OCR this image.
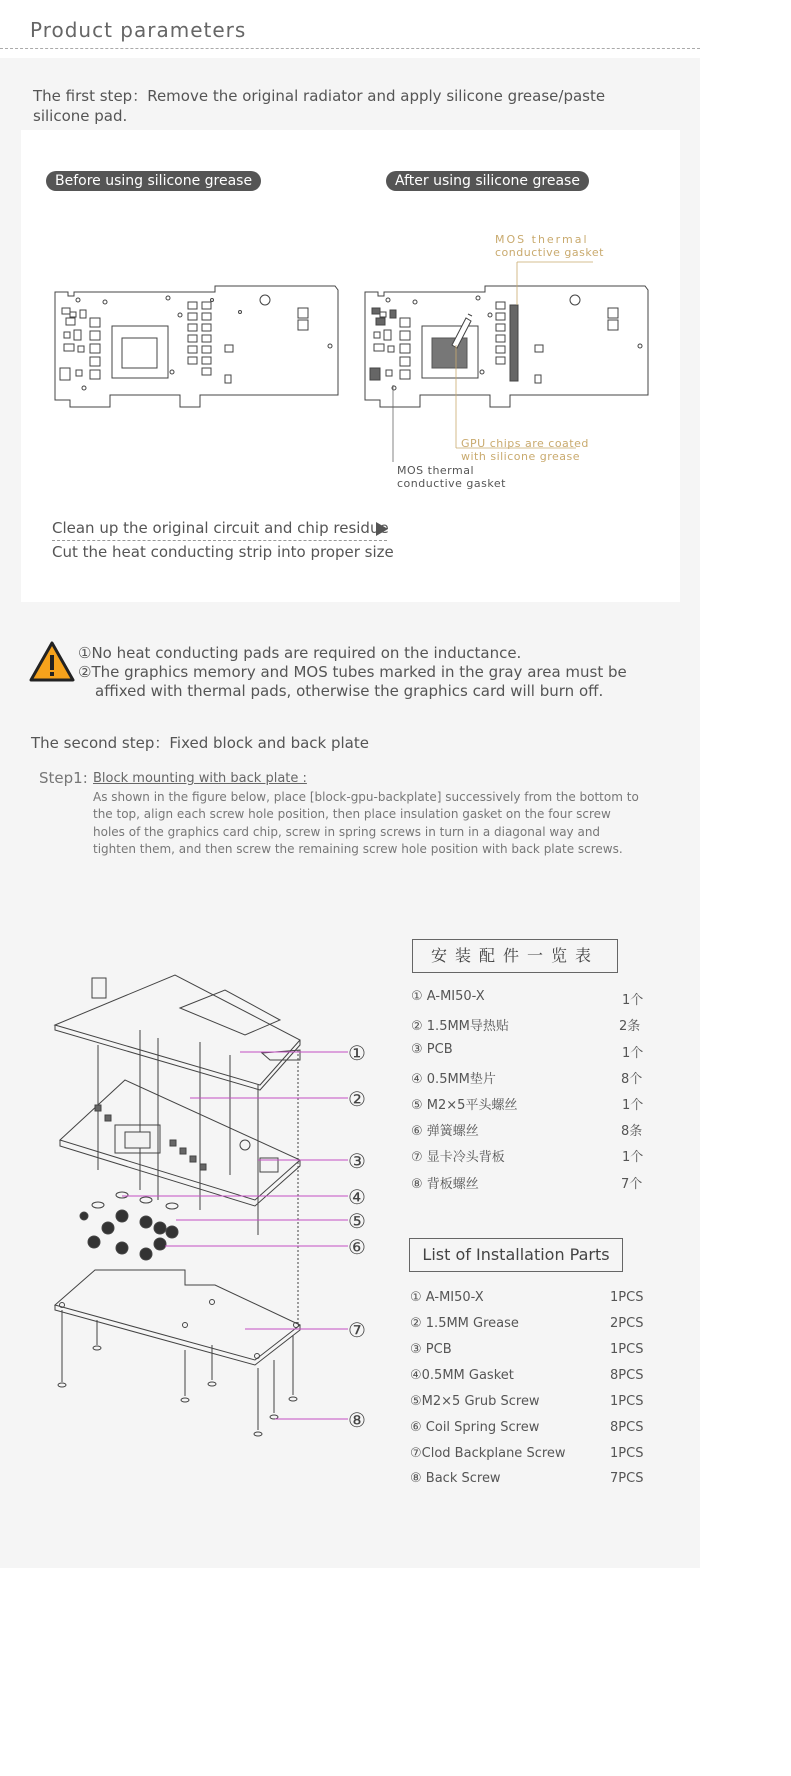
Product parameters
The first step：Remove the original radiator and apply silicone grease/paste silicone pad.
Before using silicone grease	After using silicone grease
MOS thermal
conductive gasket
GPU chips are coated
with silicone grease
MOS thermal
conductive gasket
Clean up the original circuit and chip residue
Cut the heat conducting strip into proper size
①No heat conducting pads are required on the inductance.
②The graphics memory and MOS tubes marked in the gray area must be
affixed with thermal pads, otherwise the graphics card will burn off.
The second step：Fixed block and back plate
Step1: Block mounting with back plate :
As shown in the figure below, place [block-gpu-backplate] successively from the bottom to the top, align each screw hole position, then place insulation gasket on the four screw holes of the graphics card chip, screw in spring screws in turn in a diagonal way and tighten them, and then screw the remaining screw hole position with back plate screws.
①
②
③
④
⑤
⑥
⑦
⑧
安装配件一览表
① A-MI50-X	1个
② 1.5MM导热贴	2条
③ PCB	1个
④ 0.5MM垫片	8个
⑤ M2×5平头螺丝	1个
⑥ 弹簧螺丝	8条
⑦ 显卡冷头背板	1个
⑧ 背板螺丝	7个
List of Installation Parts
① A-MI50-X	1PCS
② 1.5MM Grease	2PCS
③ PCB	1PCS
④0.5MM Gasket	8PCS
⑤M2×5 Grub Screw	1PCS
⑥ Coil Spring Screw	8PCS
⑦Clod Backplane Screw	1PCS
⑧ Back Screw	7PCS
